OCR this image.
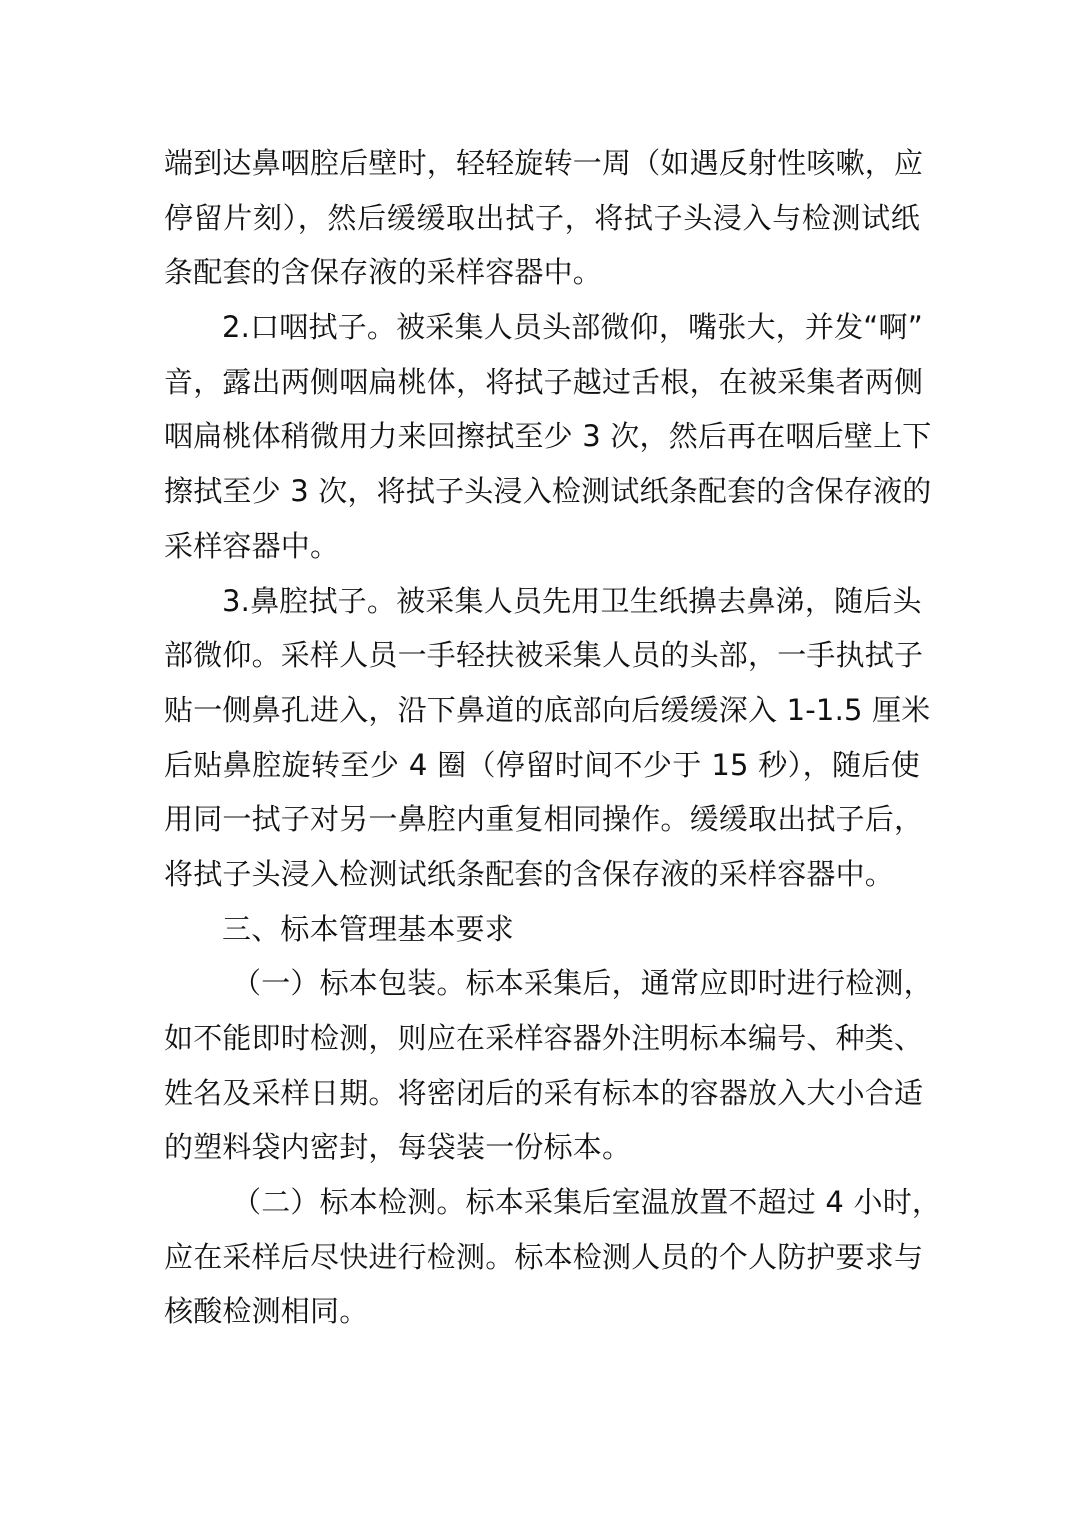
端到达鼻咽腔后壁时，轻轻旋转一周（如遇反射性咳嗽，应
停留片刻），然后缓缓取出拭子，将拭子头浸入与检测试纸
条配套的含保存液的采样容器中。
2.口咽拭子。被采集人员头部微仰，嘴张大，并发“啊”
音，露出两侧咽扁桃体，将拭子越过舌根，在被采集者两侧
咽扁桃体稍微用力来回擦拭至少 3 次，然后再在咽后壁上下
擦拭至少 3 次，将拭子头浸入检测试纸条配套的含保存液的
采样容器中。
3.鼻腔拭子。被采集人员先用卫生纸擤去鼻涕，随后头
部微仰。采样人员一手轻扶被采集人员的头部，一手执拭子
贴一侧鼻孔进入，沿下鼻道的底部向后缓缓深入 1-1.5 厘米
后贴鼻腔旋转至少 4 圈（停留时间不少于 15 秒），随后使
用同一拭子对另一鼻腔内重复相同操作。缓缓取出拭子后，
将拭子头浸入检测试纸条配套的含保存液的采样容器中。
三、标本管理基本要求
（一）标本包装。标本采集后，通常应即时进行检测，
如不能即时检测，则应在采样容器外注明标本编号、种类、
姓名及采样日期。将密闭后的采有标本的容器放入大小合适
的塑料袋内密封，每袋装一份标本。
（二）标本检测。标本采集后室温放置不超过 4 小时，
应在采样后尽快进行检测。标本检测人员的个人防护要求与
核酸检测相同。
